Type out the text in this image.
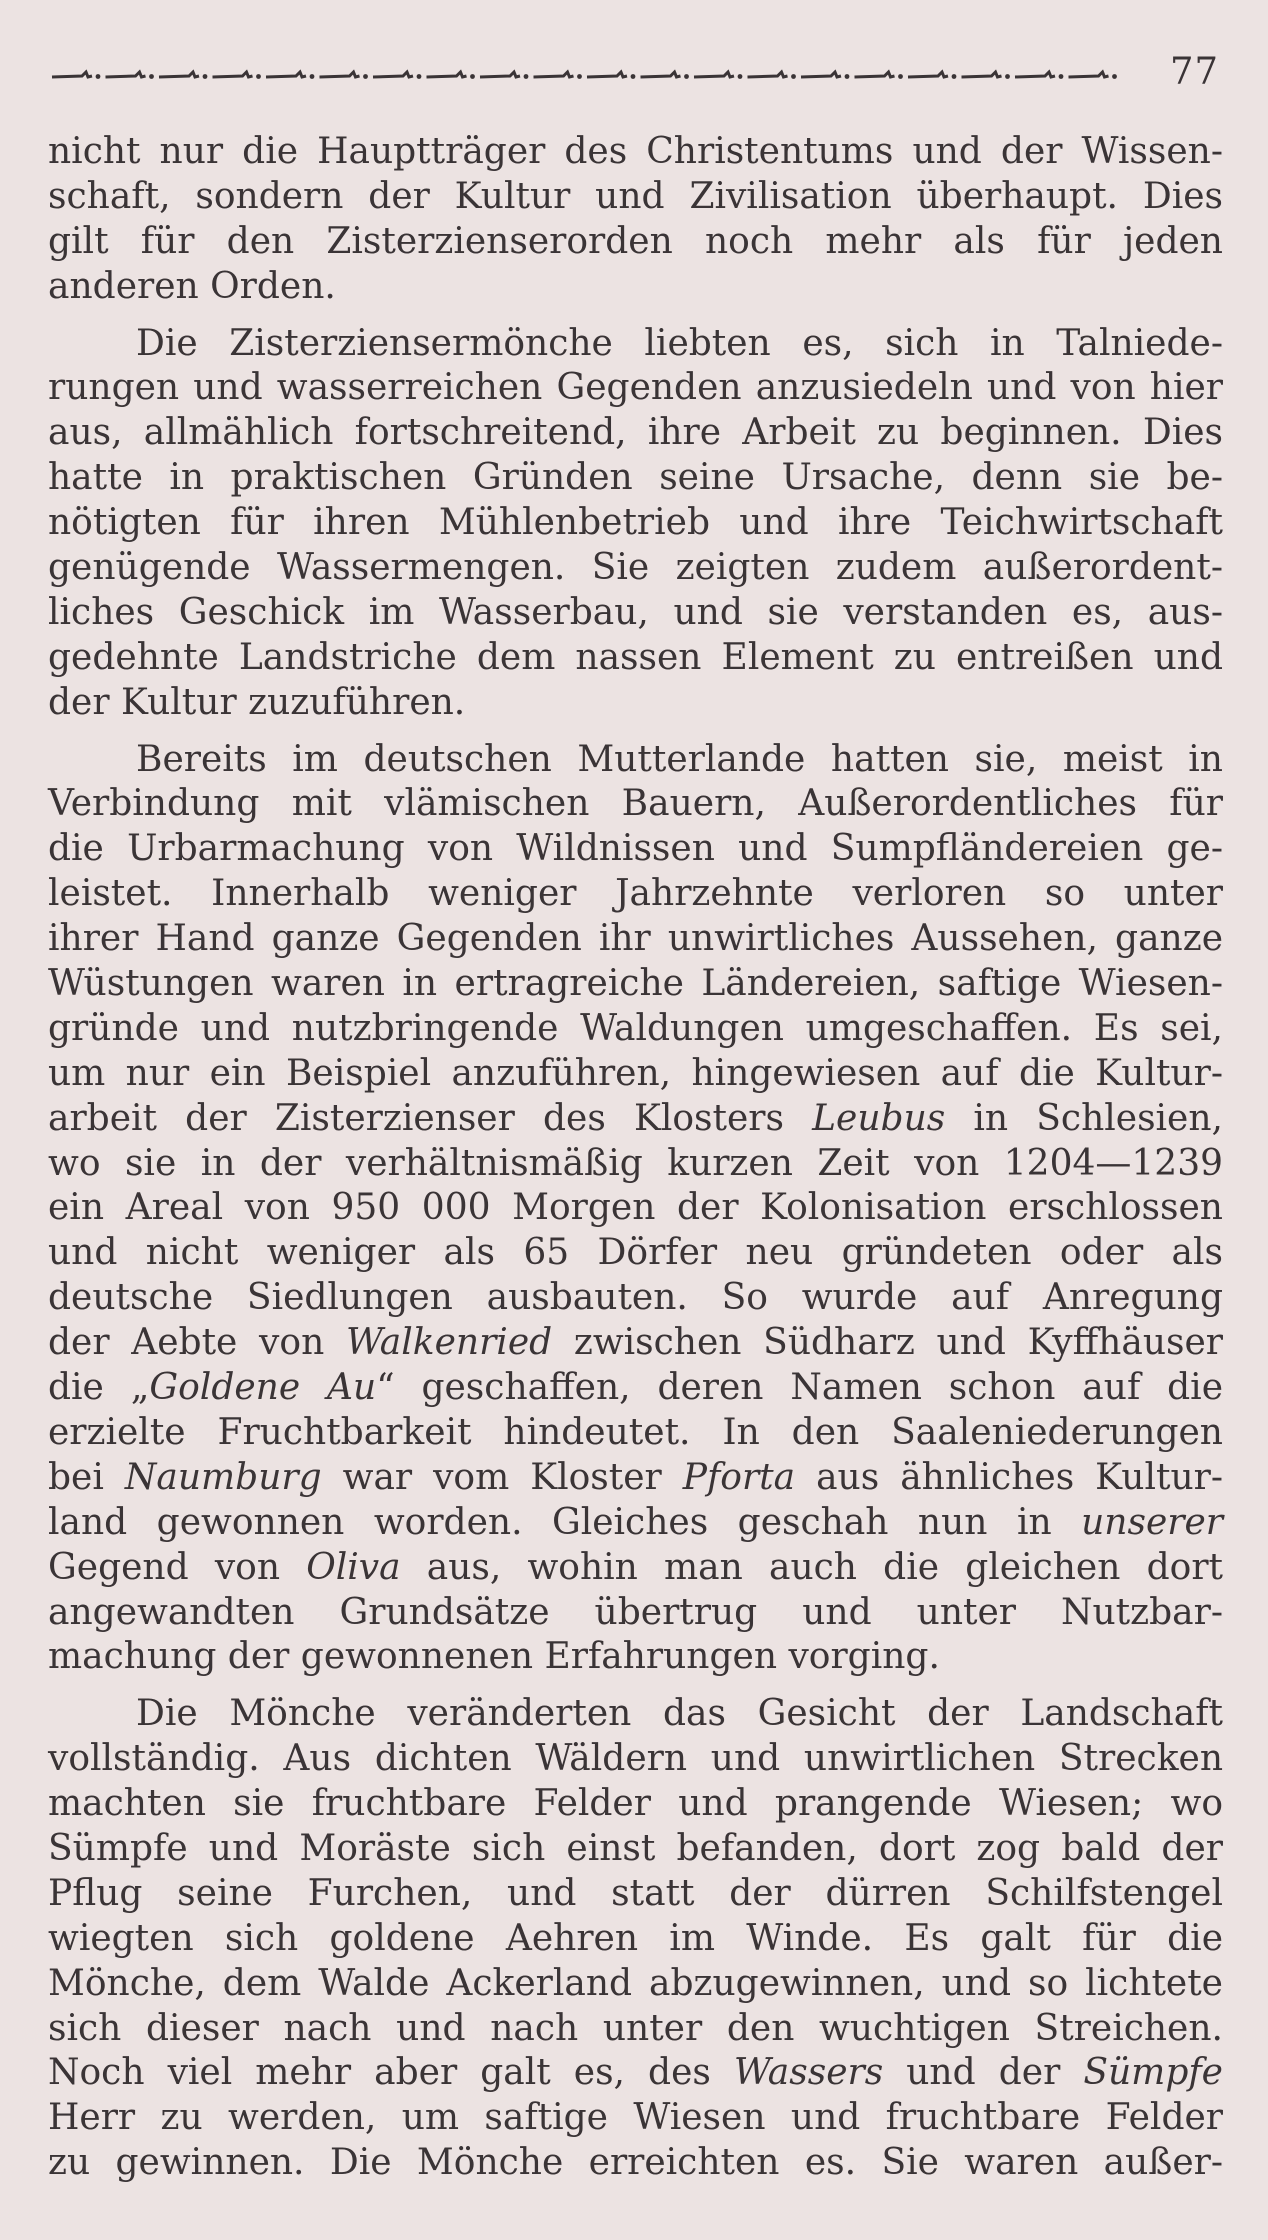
77
nicht nur die Hauptträger des Christentums und der Wissen-
schaft, sondern der Kultur und Zivilisation überhaupt. Dies
gilt für den Zisterzienserorden noch mehr als für jeden
anderen Orden.
Die Zisterziensermönche liebten es, sich in Talniede-
rungen und wasserreichen Gegenden anzusiedeln und von hier
aus, allmählich fortschreitend, ihre Arbeit zu beginnen. Dies
hatte in praktischen Gründen seine Ursache, denn sie be-
nötigten für ihren Mühlenbetrieb und ihre Teichwirtschaft
genügende Wassermengen. Sie zeigten zudem außerordent-
liches Geschick im Wasserbau, und sie verstanden es, aus-
gedehnte Landstriche dem nassen Element zu entreißen und
der Kultur zuzuführen.
Bereits im deutschen Mutterlande hatten sie, meist in
Verbindung mit vlämischen Bauern, Außerordentliches für
die Urbarmachung von Wildnissen und Sumpfländereien ge-
leistet. Innerhalb weniger Jahrzehnte verloren so unter
ihrer Hand ganze Gegenden ihr unwirtliches Aussehen, ganze
Wüstungen waren in ertragreiche Ländereien, saftige Wiesen-
gründe und nutzbringende Waldungen umgeschaffen. Es sei,
um nur ein Beispiel anzuführen, hingewiesen auf die Kultur-
arbeit der Zisterzienser des Klosters Leubus in Schlesien,
wo sie in der verhältnismäßig kurzen Zeit von 1204—1239
ein Areal von 950 000 Morgen der Kolonisation erschlossen
und nicht weniger als 65 Dörfer neu gründeten oder als
deutsche Siedlungen ausbauten. So wurde auf Anregung
der Aebte von Walkenried zwischen Südharz und Kyffhäuser
die „Goldene Au“ geschaffen, deren Namen schon auf die
erzielte Fruchtbarkeit hindeutet. In den Saaleniederungen
bei Naumburg war vom Kloster Pforta aus ähnliches Kultur-
land gewonnen worden. Gleiches geschah nun in unserer
Gegend von Oliva aus, wohin man auch die gleichen dort
angewandten Grundsätze übertrug und unter Nutzbar-
machung der gewonnenen Erfahrungen vorging.
Die Mönche veränderten das Gesicht der Landschaft
vollständig. Aus dichten Wäldern und unwirtlichen Strecken
machten sie fruchtbare Felder und prangende Wiesen; wo
Sümpfe und Moräste sich einst befanden, dort zog bald der
Pflug seine Furchen, und statt der dürren Schilfstengel
wiegten sich goldene Aehren im Winde. Es galt für die
Mönche, dem Walde Ackerland abzugewinnen, und so lichtete
sich dieser nach und nach unter den wuchtigen Streichen.
Noch viel mehr aber galt es, des Wassers und der Sümpfe
Herr zu werden, um saftige Wiesen und fruchtbare Felder
zu gewinnen. Die Mönche erreichten es. Sie waren außer-
